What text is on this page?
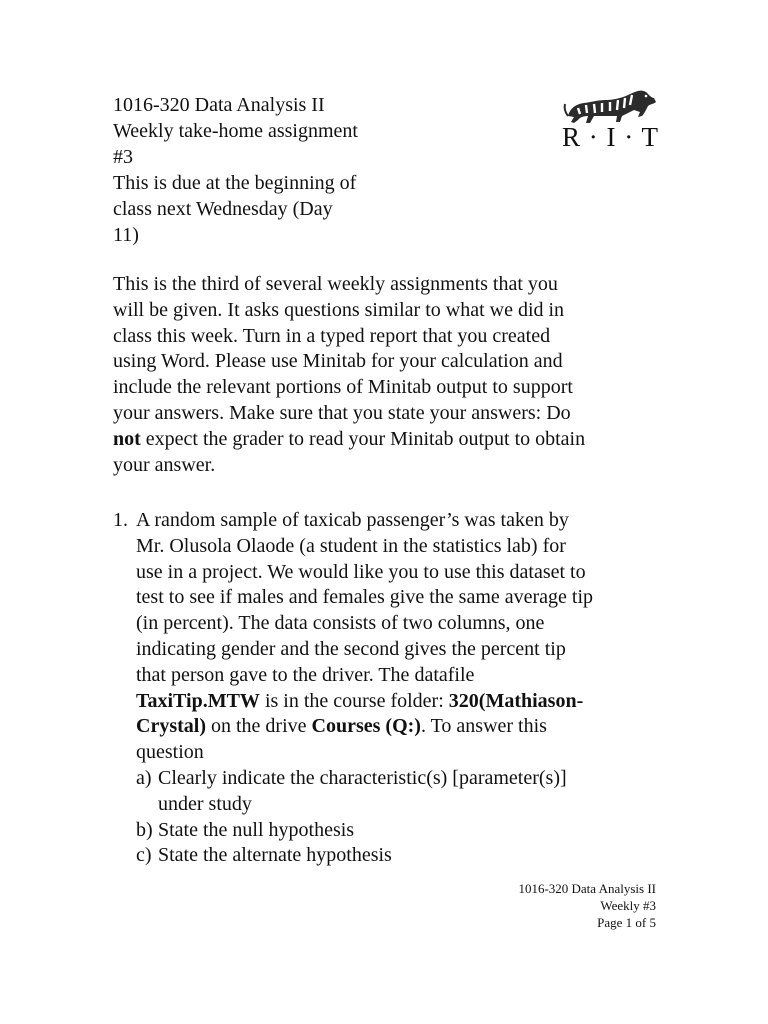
1016-320 Data Analysis II
Weekly take-home assignment
#3
This is due at the beginning of
class next Wednesday (Day
11)
R · I · T
This is the third of several weekly assignments that you
will be given. It asks questions similar to what we did in
class this week. Turn in a typed report that you created
using Word. Please use Minitab for your calculation and
include the relevant portions of Minitab output to support
your answers. Make sure that you state your answers: Do
not expect the grader to read your Minitab output to obtain
your answer.
1. A random sample of taxicab passenger’s was taken by
Mr. Olusola Olaode (a student in the statistics lab) for
use in a project. We would like you to use this dataset to
test to see if males and females give the same average tip
(in percent). The data consists of two columns, one
indicating gender and the second gives the percent tip
that person gave to the driver. The datafile
TaxiTip.MTW is in the course folder: 320(Mathiason-
Crystal) on the drive Courses (Q:). To answer this
question
a) Clearly indicate the characteristic(s) [parameter(s)]
under study
b) State the null hypothesis
c) State the alternate hypothesis
1016-320 Data Analysis II
Weekly #3
Page 1 of 5
